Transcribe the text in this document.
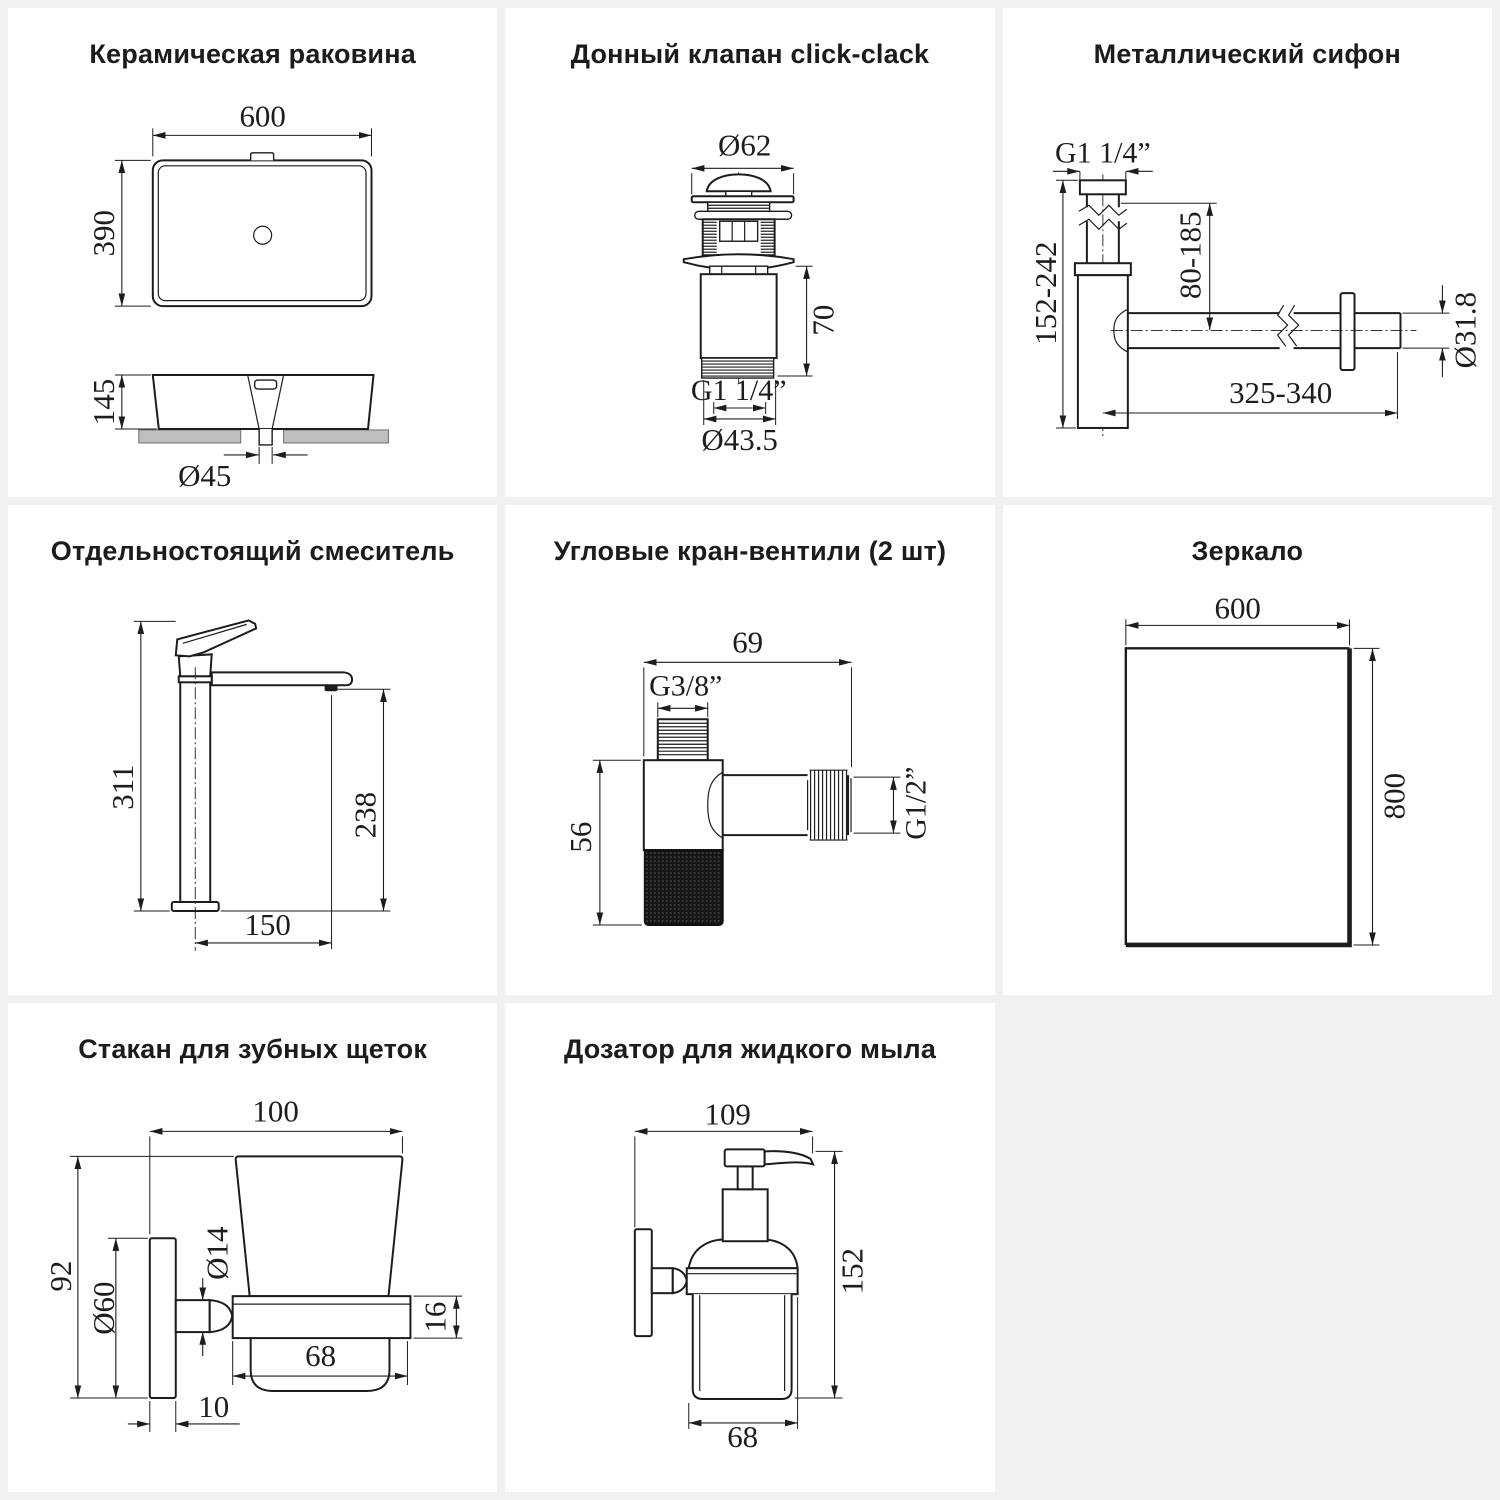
Керамическая раковина
600
390
145
Ø45
Донный клапан click-clack
Ø62
70
G1 1/4”
Ø43.5
Металлический сифон
G1 1/4”
152-242	80-185
Ø31.8
325-340
Отдельностоящий смеситель
311
238
150
Угловые кран-вентили (2 шт)
69
G3/8”
56	G1/2”
Зеркало
600
800
Стакан для зубных щеток
100
92
Ø60
Ø14
16
68
10
Дозатор для жидкого мыла
109
152
68
